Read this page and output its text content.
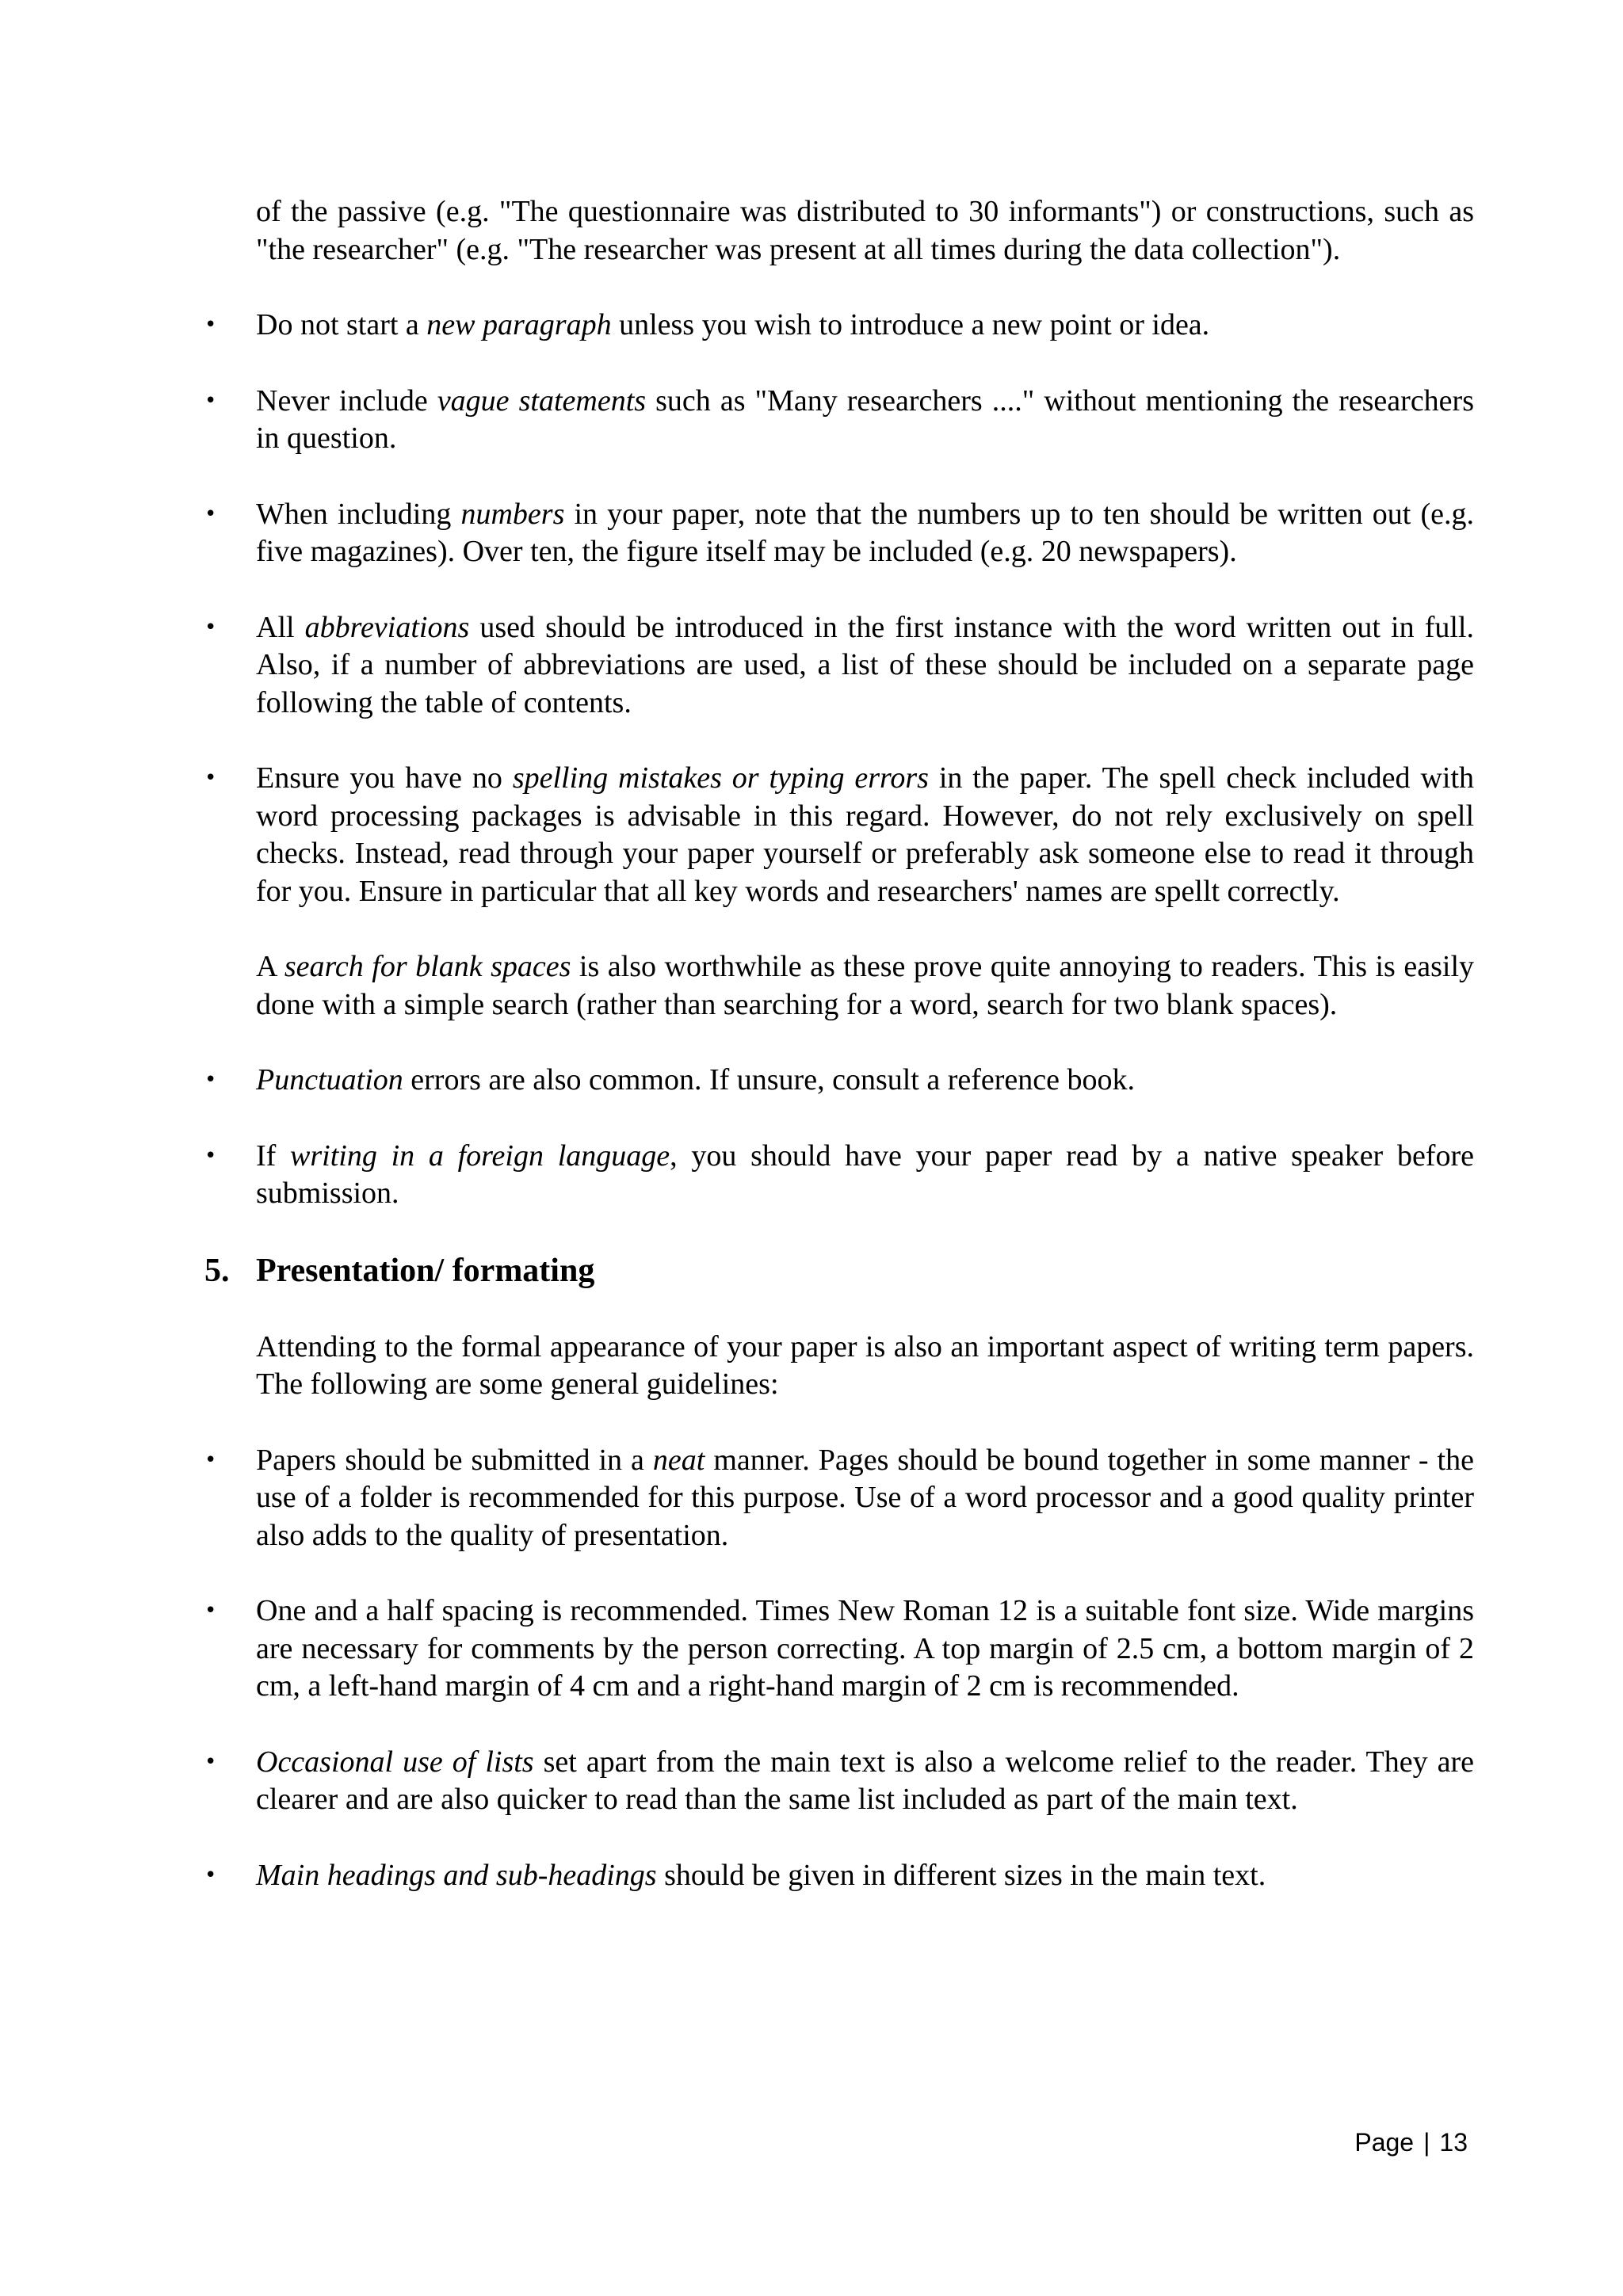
of the passive (e.g. "The questionnaire was distributed to 30 informants") or constructions, such as "the researcher" (e.g. "The researcher was present at all times during the data collection").

•	Do not start a new paragraph unless you wish to introduce a new point or idea.

•	Never include vague statements such as "Many researchers ...." without mentioning the researchers in question.

•	When including numbers in your paper, note that the numbers up to ten should be written out (e.g. five magazines). Over ten, the figure itself may be included (e.g. 20 newspapers).

•	All abbreviations used should be introduced in the first instance with the word written out in full. Also, if a number of abbreviations are used, a list of these should be included on a separate page following the table of contents.

•	Ensure you have no spelling mistakes or typing errors in the paper. The spell check included with word processing packages is advisable in this regard. However, do not rely exclusively on spell checks. Instead, read through your paper yourself or preferably ask someone else to read it through for you. Ensure in particular that all key words and researchers' names are spellt correctly.

A search for blank spaces is also worthwhile as these prove quite annoying to readers. This is easily done with a simple search (rather than searching for a word, search for two blank spaces).

•	Punctuation errors are also common. If unsure, consult a reference book.

•	If writing in a foreign language, you should have your paper read by a native speaker before submission.

5. Presentation/ formating

Attending to the formal appearance of your paper is also an important aspect of writing term papers. The following are some general guidelines:

•	Papers should be submitted in a neat manner. Pages should be bound together in some manner - the use of a folder is recommended for this purpose. Use of a word processor and a good quality printer also adds to the quality of presentation.

•	One and a half spacing is recommended. Times New Roman 12 is a suitable font size. Wide margins are necessary for comments by the person correcting. A top margin of 2.5 cm, a bottom margin of 2 cm, a left-hand margin of 4 cm and a right-hand margin of 2 cm is recommended.

•	Occasional use of lists set apart from the main text is also a welcome relief to the reader. They are clearer and are also quicker to read than the same list included as part of the main text.

•	Main headings and sub-headings should be given in different sizes in the main text.

Page | 13
